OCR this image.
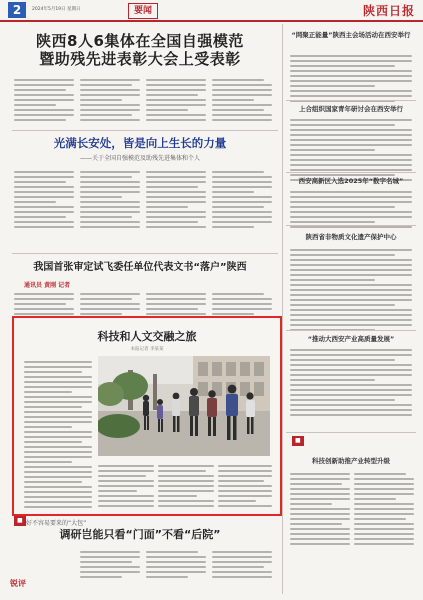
2	2024年5月19日 星期日	要闻	陕西日报
陕西8人6集体在全国自强模范
暨助残先进表彰大会上受表彰
光满长安处，皆是向上生长的力量
——关于全国自强模范及助残先进集体和个人
我国首张审定试飞委任单位代表文书“落户”陕西
通讯员 黄刚 记者
科技和人文交融之旅
本报记者 李某某
■ 好不容易要来的“大包”
调研岂能只看“门面”不看“后院”
锐评
“网聚正能量”陕西主会场活动在西安举行
上合组织国家青年研讨会在西安举行
西安高新区入选2025年“数字名城”
陕西省非物质文化遗产保护中心
“推动大西安产业高质量发展”
■
科技创新助推产业转型升级
